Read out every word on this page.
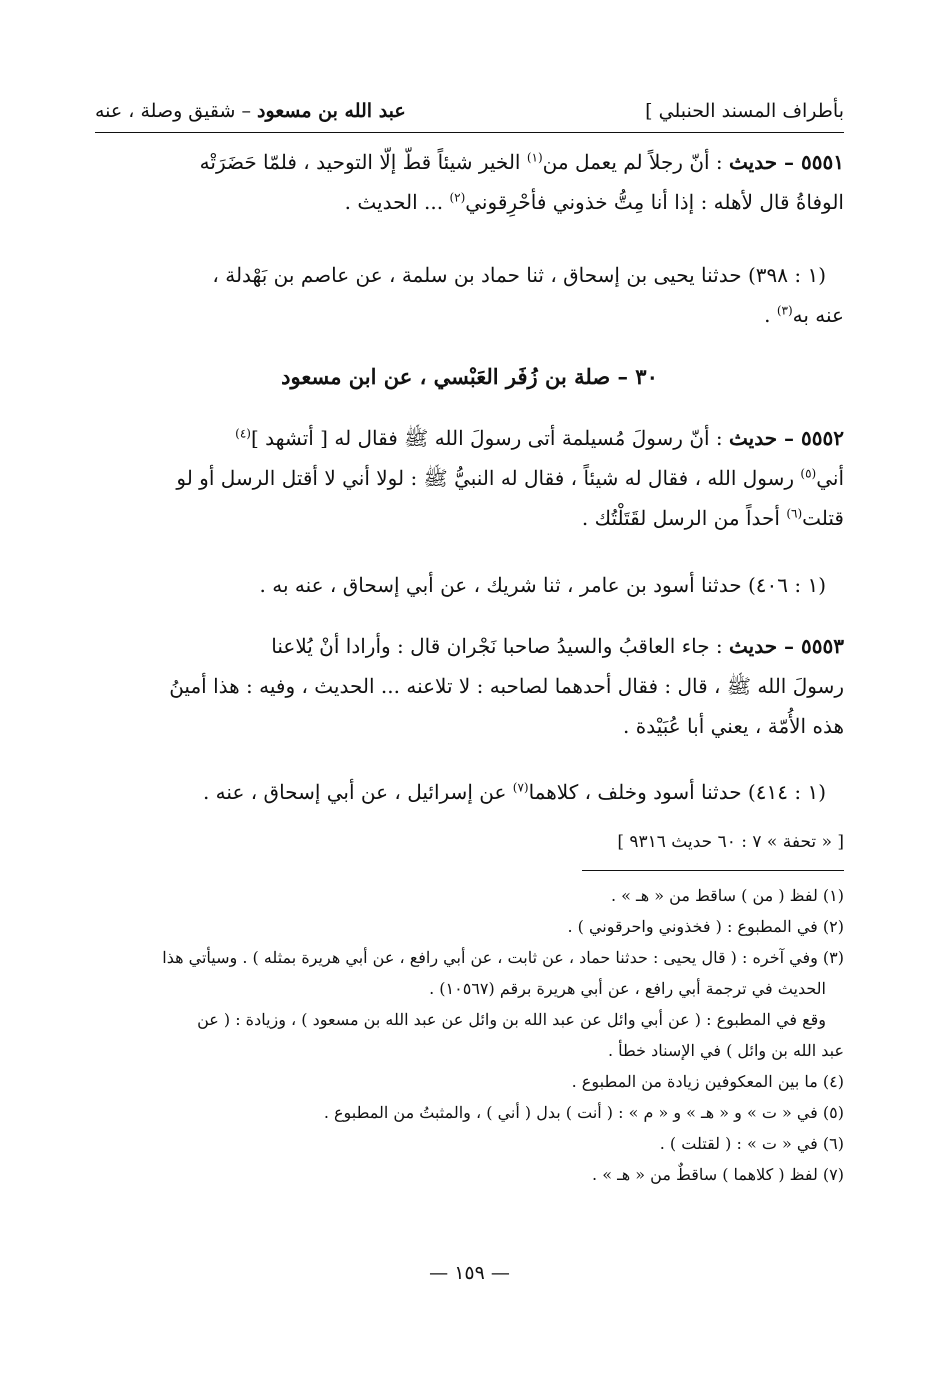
بأطراف المسند الحنبلي ]
عبد الله بن مسعود – شقيق وصلة ، عنه
٥٥٥١ – حديث : أنّ رجلاً لم يعمل من$^{(١)}$ الخير شيئاً قطّ إلّا التوحيد ، فلمّا حَضَرَتْه
الوفاةُ قال لأهله : إذا أنا مِتُّ خذوني فأحْرِقوني$^{(٢)}$ ... الحديث .
(١ : ٣٩٨) حدثنا يحيى بن إسحاق ، ثنا حماد بن سلمة ، عن عاصم بن بَهْدلة ،
عنه به$^{(٣)}$ .
٣٠ – صلة بن زُفَر العَبْسي ، عن ابن مسعود
٥٥٥٢ – حديث : أنّ رسولَ مُسيلمة أتى رسولَ الله ﷺ فقال له [ أتشهد ]$^{(٤)}$
أني$^{(٥)}$ رسول الله ، فقال له شيئاً ، فقال له النبيُّ ﷺ : لولا أني لا أقتل الرسل أو لو
قتلت$^{(٦)}$ أحداً من الرسل لقَتَلْتُك .
(١ : ٤٠٦) حدثنا أسود بن عامر ، ثنا شريك ، عن أبي إسحاق ، عنه به .
٥٥٥٣ – حديث : جاء العاقبُ والسيدُ صاحبا نَجْران قال : وأرادا أنْ يُلاعنا
رسولَ الله ﷺ ، قال : فقال أحدهما لصاحبه : لا تلاعنه ... الحديث ، وفيه : هذا أمينُ
هذه الأُمّة ، يعني أبا عُبَيْدة .
(١ : ٤١٤) حدثنا أسود وخلف ، كلاهما$^{(٧)}$ عن إسرائيل ، عن أبي إسحاق ، عنه .
[ « تحفة » ٧ : ٦٠ حديث ٩٣١٦ ]
(١) لفظ ( من ) ساقط من « هـ » .
(٢) في المطبوع : ( فخذوني واحرقوني ) .
(٣) وفي آخره : ( قال يحيى : حدثنا حماد ، عن ثابت ، عن أبي رافع ، عن أبي هريرة بمثله ) . وسيأتي هذا
الحديث في ترجمة أبي رافع ، عن أبي هريرة برقم (١٠٥٦٧) .
وقع في المطبوع : ( عن أبي وائل عن عبد الله بن وائل عن عبد الله بن مسعود ) ، وزيادة : ( عن
عبد الله بن وائل ) في الإسناد خطأ .
(٤) ما بين المعكوفين زيادة من المطبوع .
(٥) في « ت » و « هـ » و « م » : ( أنت ) بدل ( أني ) ، والمثبتُ من المطبوع .
(٦) في « ت » : ( لقتلت ) .
(٧) لفظ ( كلاهما ) ساقطٌ من « هـ » .
— ١٥٩ —
